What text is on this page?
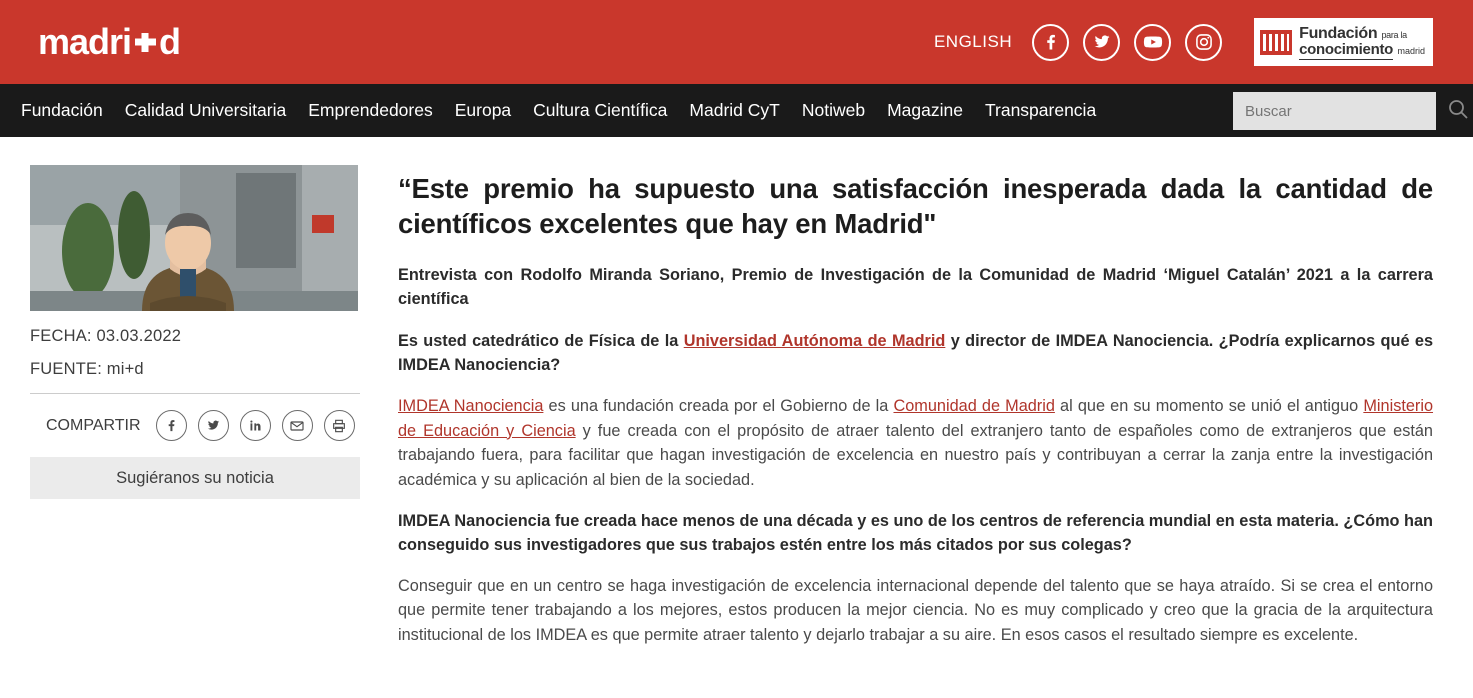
madri d	ENGLISH	Fundación para la
conocimiento madrid
Fundación	Calidad Universitaria	Emprendedores	Europa	Cultura Científica	Madrid CyT	Notiweb	Magazine	Transparencia
Buscar
FECHA: 03.03.2022
FUENTE: mi+d
COMPARTIR
Sugiéranos su noticia
“Este premio ha supuesto una satisfacción inesperada dada la cantidad de científicos excelentes que hay en Madrid"

Entrevista con Rodolfo Miranda Soriano, Premio de Investigación de la Comunidad de Madrid ‘Miguel Catalán’ 2021 a la carrera científica

Es usted catedrático de Física de la Universidad Autónoma de Madrid y director de IMDEA Nanociencia. ¿Podría explicarnos qué es IMDEA Nanociencia?

IMDEA Nanociencia es una fundación creada por el Gobierno de la Comunidad de Madrid al que en su momento se unió el antiguo Ministerio de Educación y Ciencia y fue creada con el propósito de atraer talento del extranjero tanto de españoles como de extranjeros que están trabajando fuera, para facilitar que hagan investigación de excelencia en nuestro país y contribuyan a cerrar la zanja entre la investigación académica y su aplicación al bien de la sociedad.

IMDEA Nanociencia fue creada hace menos de una década y es uno de los centros de referencia mundial en esta materia. ¿Cómo han conseguido sus investigadores que sus trabajos estén entre los más citados por sus colegas?

Conseguir que en un centro se haga investigación de excelencia internacional depende del talento que se haya atraído. Si se crea el entorno que permite tener trabajando a los mejores, estos producen la mejor ciencia. No es muy complicado y creo que la gracia de la arquitectura institucional de los IMDEA es que permite atraer talento y dejarlo trabajar a su aire. En esos casos el resultado siempre es excelente.
